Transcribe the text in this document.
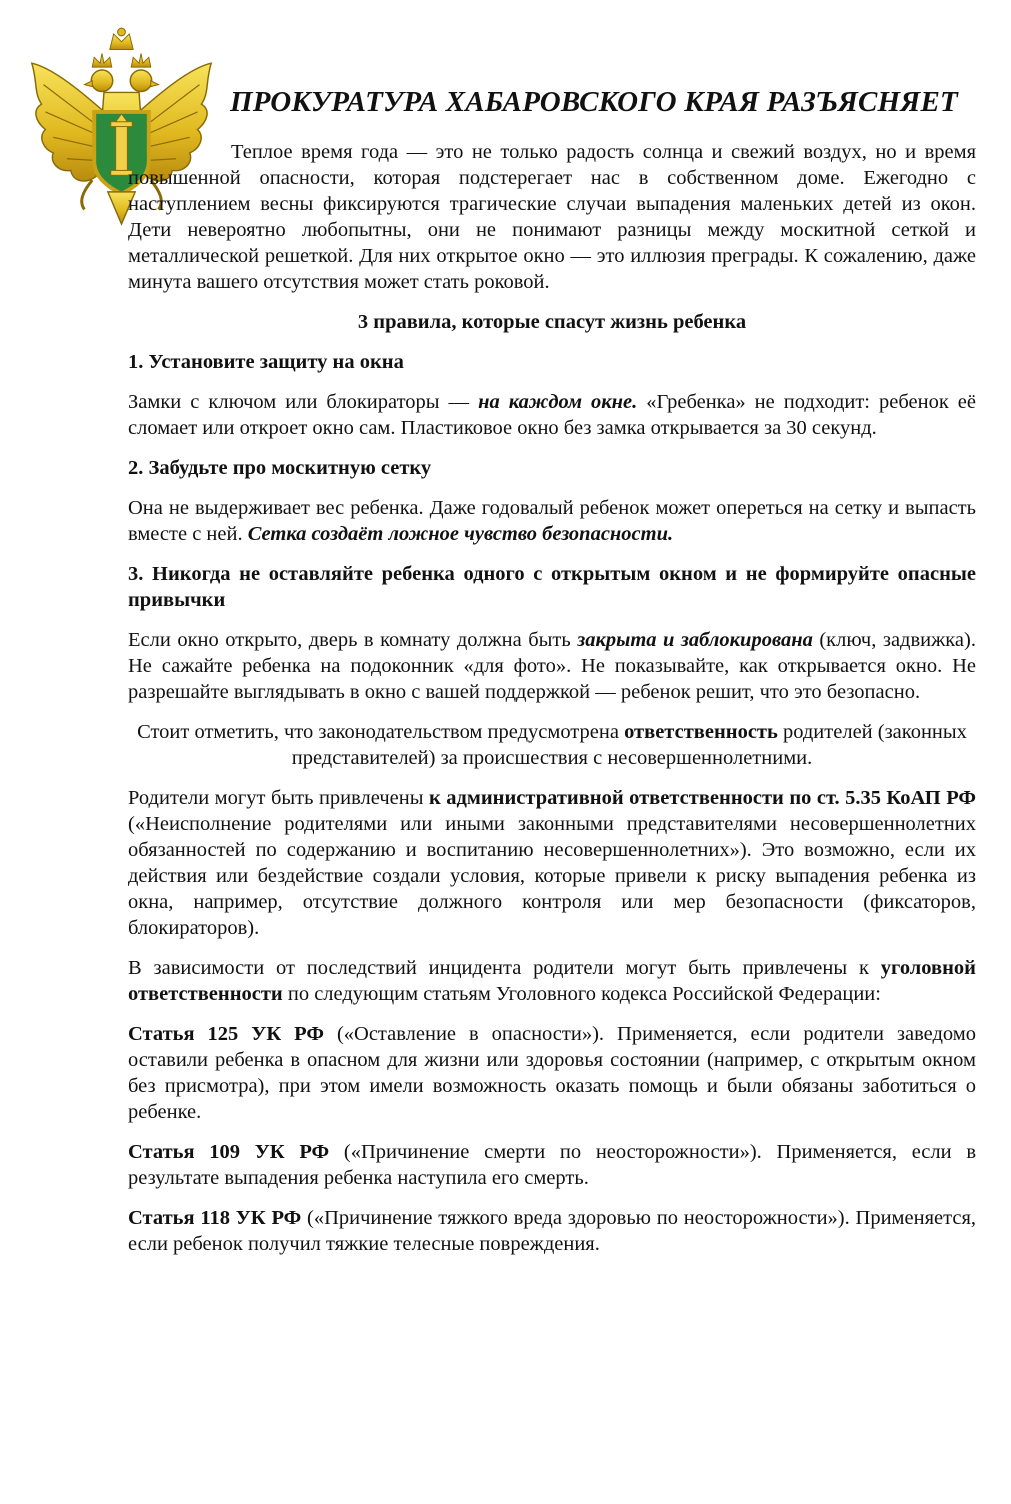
ПРОКУРАТУРА ХАБАРОВСКОГО КРАЯ РАЗЪЯСНЯЕТ

Теплое время года — это не только радость солнца и свежий воздух, но и время повышенной опасности, которая подстерегает нас в собственном доме. Ежегодно с наступлением весны фиксируются трагические случаи выпадения маленьких детей из окон. Дети невероятно любопытны, они не понимают разницы между москитной сеткой и металлической решеткой. Для них открытое окно — это иллюзия преграды. К сожалению, даже минута вашего отсутствия может стать роковой.

3 правила, которые спасут жизнь ребенка

1. Установите защиту на окна

Замки с ключом или блокираторы — на каждом окне. «Гребенка» не подходит: ребенок её сломает или откроет окно сам. Пластиковое окно без замка открывается за 30 секунд.

2. Забудьте про москитную сетку

Она не выдерживает вес ребенка. Даже годовалый ребенок может опереться на сетку и выпасть вместе с ней. Сетка создаёт ложное чувство безопасности.

3. Никогда не оставляйте ребенка одного с открытым окном и не формируйте опасные привычки

Если окно открыто, дверь в комнату должна быть закрыта и заблокирована (ключ, задвижка). Не сажайте ребенка на подоконник «для фото». Не показывайте, как открывается окно. Не разрешайте выглядывать в окно с вашей поддержкой — ребенок решит, что это безопасно.

Стоит отметить, что законодательством предусмотрена ответственность родителей (законных представителей) за происшествия с несовершеннолетними.

Родители могут быть привлечены к административной ответственности по ст. 5.35 КоАП РФ («Неисполнение родителями или иными законными представителями несовершеннолетних обязанностей по содержанию и воспитанию несовершеннолетних»). Это возможно, если их действия или бездействие создали условия, которые привели к риску выпадения ребенка из окна, например, отсутствие должного контроля или мер безопасности (фиксаторов, блокираторов).

В зависимости от последствий инцидента родители могут быть привлечены к уголовной ответственности по следующим статьям Уголовного кодекса Российской Федерации:

Статья 125 УК РФ («Оставление в опасности»). Применяется, если родители заведомо оставили ребенка в опасном для жизни или здоровья состоянии (например, с открытым окном без присмотра), при этом имели возможность оказать помощь и были обязаны заботиться о ребенке.

Статья 109 УК РФ («Причинение смерти по неосторожности»). Применяется, если в результате выпадения ребенка наступила его смерть.

Статья 118 УК РФ («Причинение тяжкого вреда здоровью по неосторожности»). Применяется, если ребенок получил тяжкие телесные повреждения.
